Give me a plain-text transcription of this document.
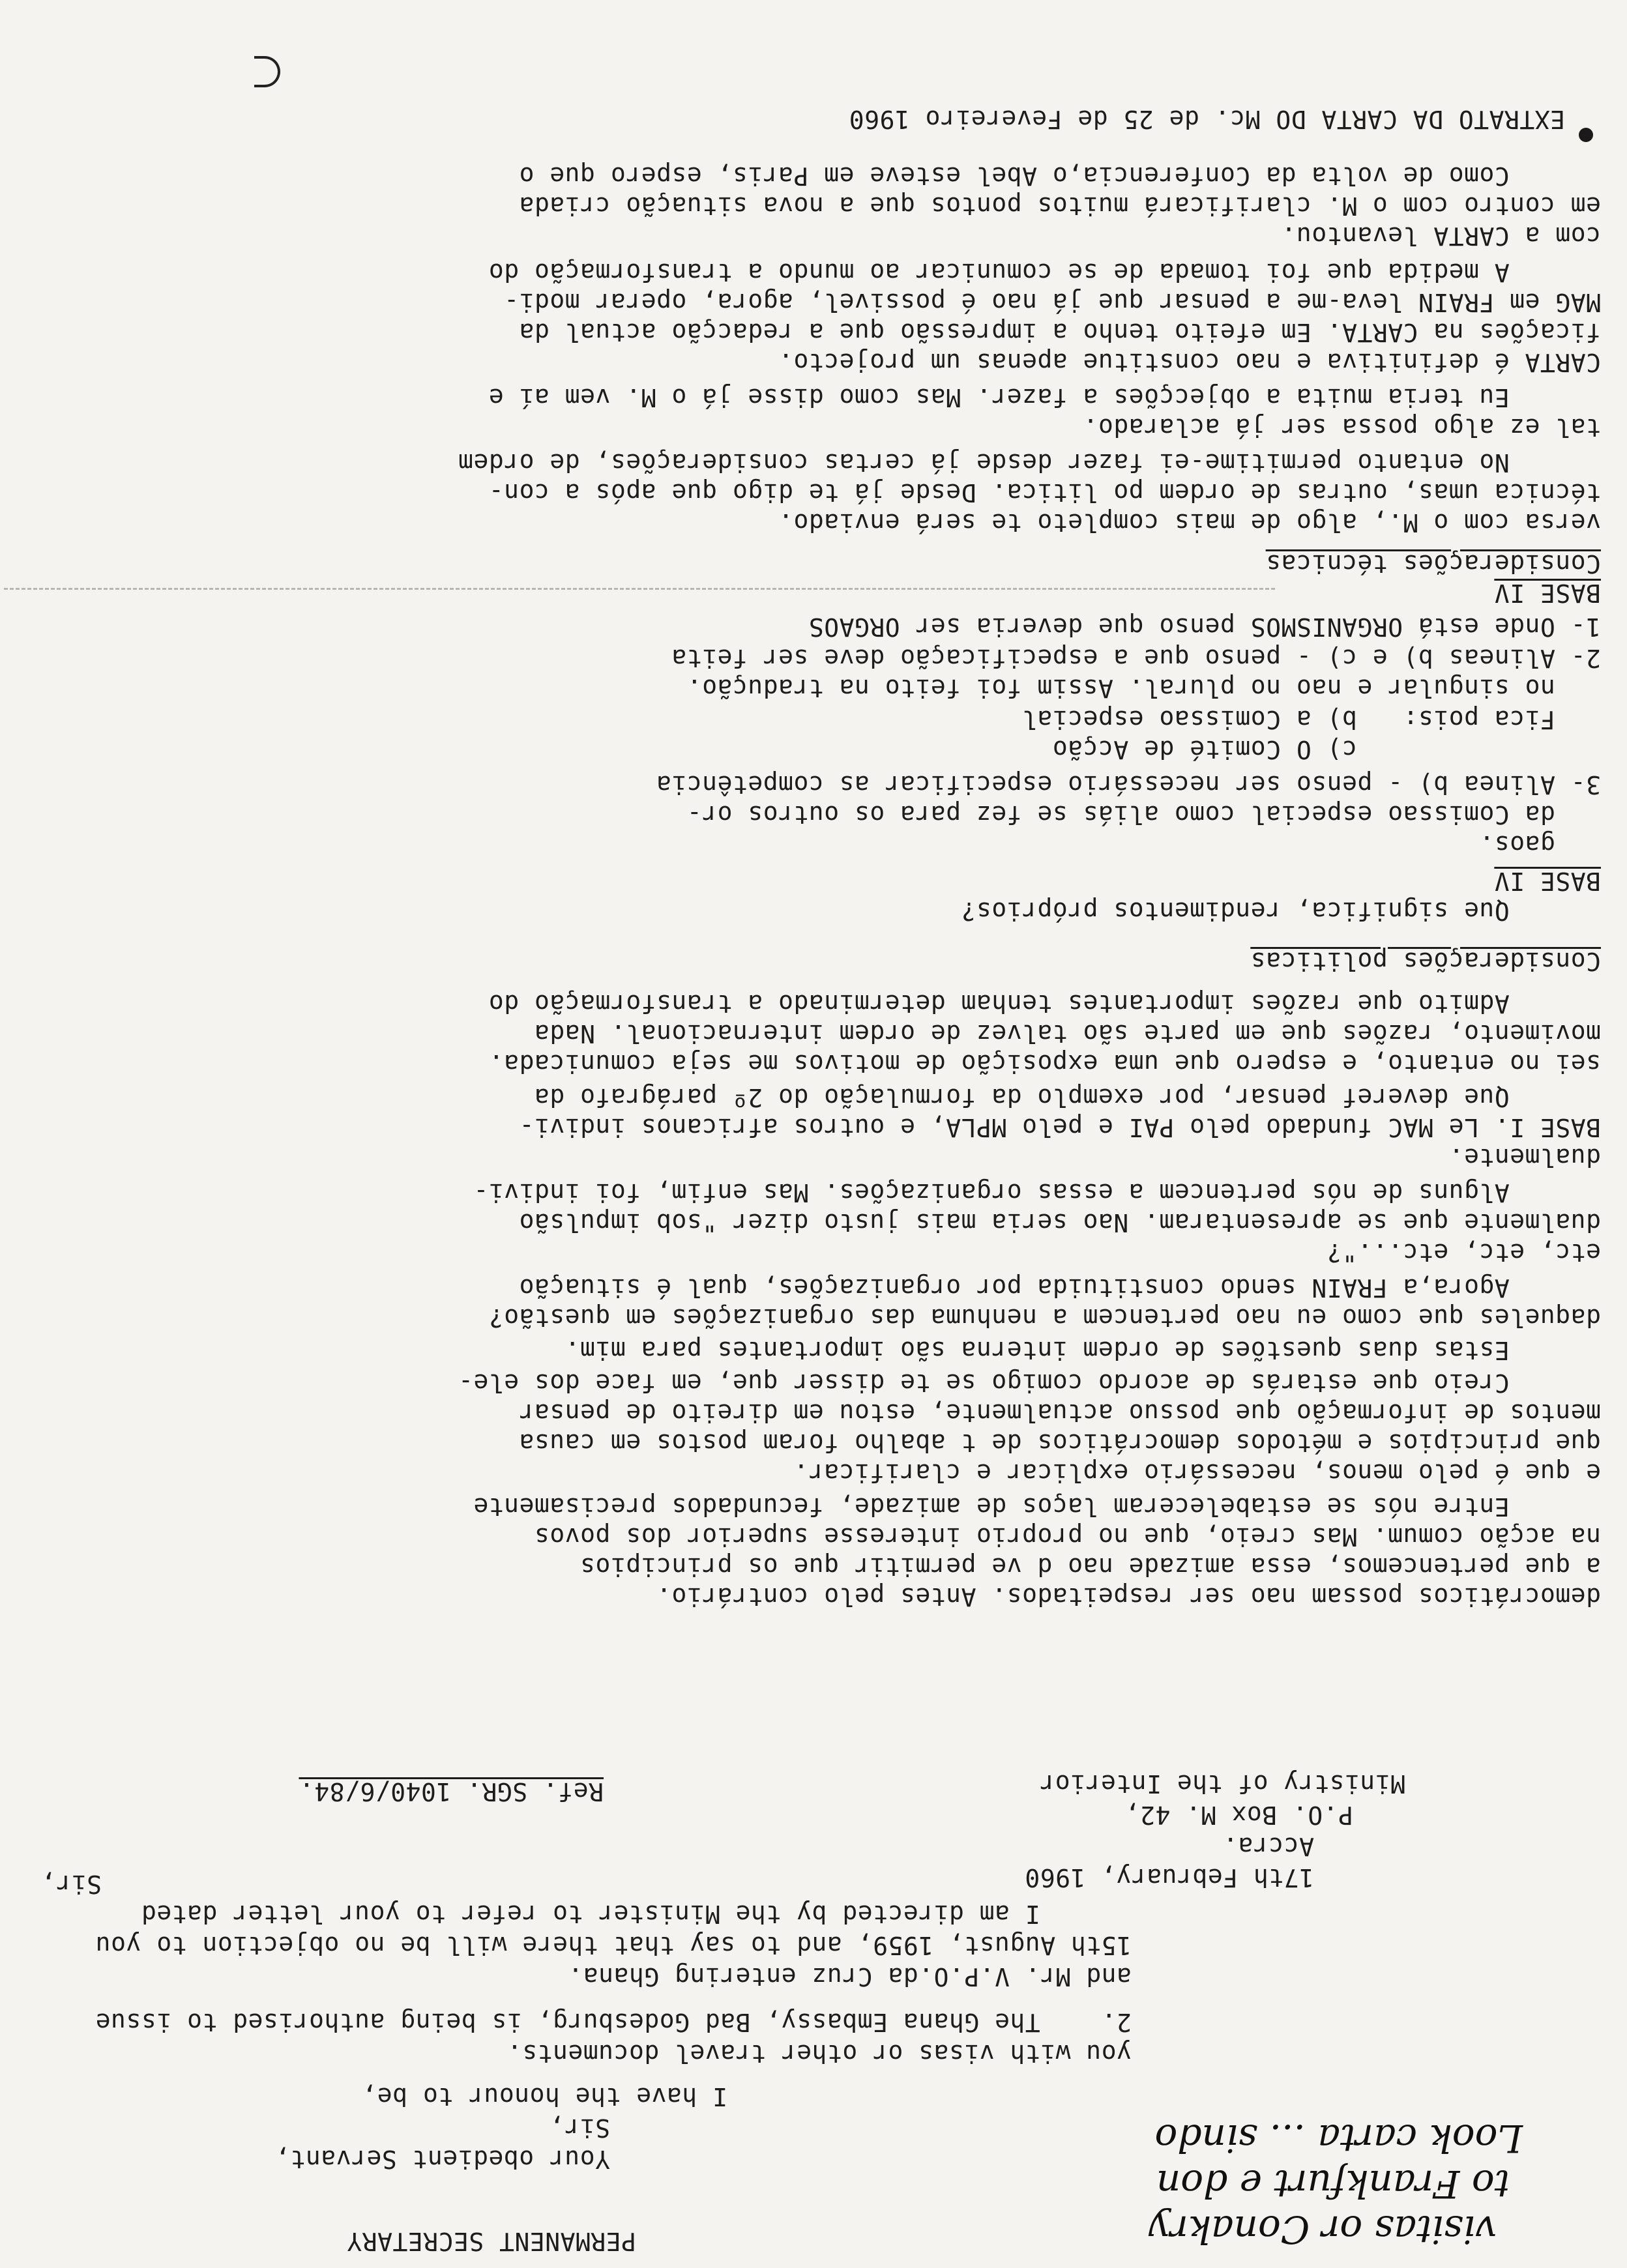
EXTRATO DA CARTA DO Mc. de 25 de Fevereiro 1960
Como de volta da Conferencia,o Abel esteve em Paris, espero que o
em contro com o M. clarificará muitos pontos que a nova situação criada
com a CARTA levantou.
A medida que foi tomada de se comunicar ao mundo a transformação do
MAG em FRAIN leva-me a pensar que já nao é possivel, agora, operar modi-
ficações na CARTA. Em efeito tenho a impressão que a redacção actual da
CARTA é definitiva e nao constitue apenas um projecto.
Eu teria muita a objecções a fazer. Mas como disse já o M. vem aí e
tal ez algo possa ser já aclarado.
No entanto permitime-ei fazer desde já certas considerações, de ordem
técnica umas, outras de ordem po litica. Desde já te digo que após a con-
versa com o M., algo de mais completo te será enviado.
Considerações técnicas
BASE IV
1- Onde está ORGANISMOS penso que deveria ser ORGAOS
2- Alineas b) e c) - penso que a especificação deve ser feita
no singular e nao no plural. Assim foi feito na tradução.
Fica pois:   b) a Comissao especial
c) O Comité de Acção
3- Alinea b) - penso ser necessário especificar as competência
da Comissao especial como aliás se fez para os outros or-
gaos.
BASE IV
Que significa, rendimentos próprios?
Considerações politicas
Admito que razões importantes tenham determinado a transformação do
movimento, razões que em parte são talvez de ordem internacional. Nada
sei no entanto, e espero que uma exposição de motivos me seja comunicada.
Que deveref pensar, por exemplo da formulação do 2º parágrafo da
BASE I. Le MAC fundado pelo PAI e pelo MPLA, e outros africanos indivi-
dualmente.
Alguns de nós pertencem a essas organizações. Mas enfim, foi indivi-
dualmente que se apresentaram. Nao seria mais justo dizer "sob impulsão
etc, etc, etc..."?
Agora,a FRAIN sendo constituida por organizações, qual é situação
daqueles que como eu nao pertencem a nenhuma das organizações em questão?
Estas duas questões de ordem interna são importantes para mim.
Creio que estarás de acordo comigo se te disser que, em face dos ele-
mentos de informação que possuo actualmente, estou em direito de pensar
que principios e métodos democráticos de t abalho foram postos em causa
e que é pelo menos, necessário explicar e clarificar.
Entre nós se estabeleceram laços de amizade, fecundados precisamente
na acção comum. Mas creio, que no proprio interesse superior dos povos
a que pertencemos, essa amizade nao d ve permitir que os principios
democráticos possam nao ser respeitados. Antes pelo contrário.
Ref. SGR. 1040/6/84.	Ministry of the Interior
P.O. Box M. 42,
Accra.
17th February, 1960
Sir,
I am directed by the Minister to refer to your letter dated
15th August, 1959, and to say that there will be no objection to you
and Mr. V.P.O.da Cruz entering Ghana.
2.    The Ghana Embassy, Bad Godesburg, is being authorised to issue
you with visas or other travel documents.
I have the honour to be,
Sir,
Your obedient Servant,	Look carta ... sindo
to Frankfurt e don
visitas or Conakry
PERMANENT SECRETARY
